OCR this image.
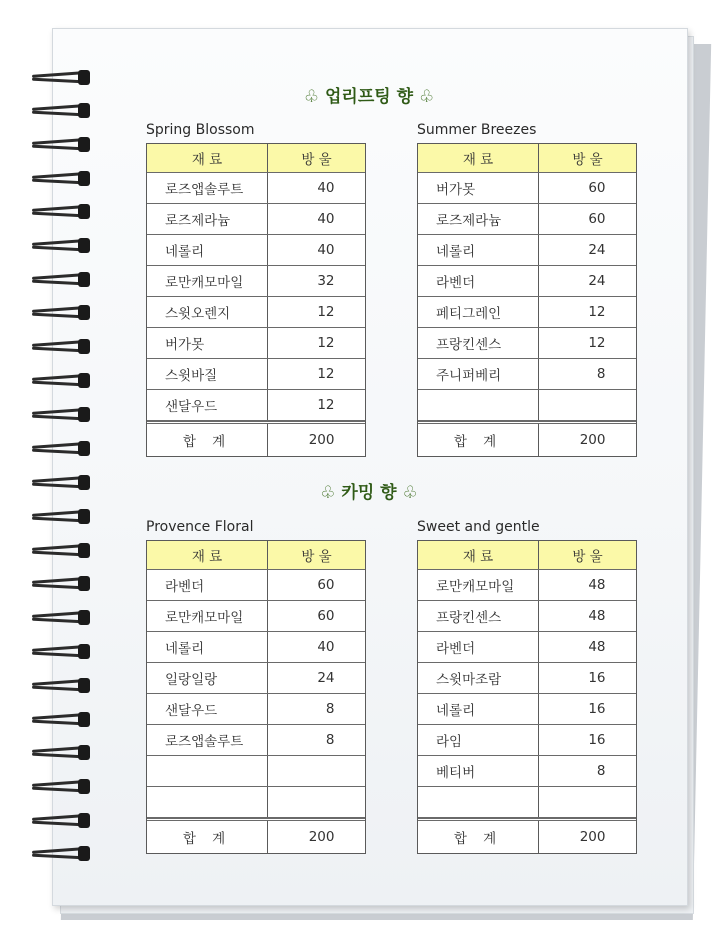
♧ 업리프팅 향 ♧
Spring Blossom
재 료	방 울
로즈앱솔루트	40
로즈제라늄	40
네롤리	40
로만캐모마일	32
스윗오렌지	12
버가못	12
스윗바질	12
샌달우드	12
합 계	200
Summer Breezes
재 료	방 울
버가못	60
로즈제라늄	60
네롤리	24
라벤더	24
페티그레인	12
프랑킨센스	12
주니퍼베리	8
합 계	200
♧ 카밍 향 ♧
Provence Floral
재 료	방 울
라벤더	60
로만캐모마일	60
네롤리	40
일랑일랑	24
샌달우드	8
로즈앱솔루트	8
합 계	200
Sweet and gentle
재 료	방 울
로만캐모마일	48
프랑킨센스	48
라벤더	48
스윗마조람	16
네롤리	16
라임	16
베티버	8
합 계	200
